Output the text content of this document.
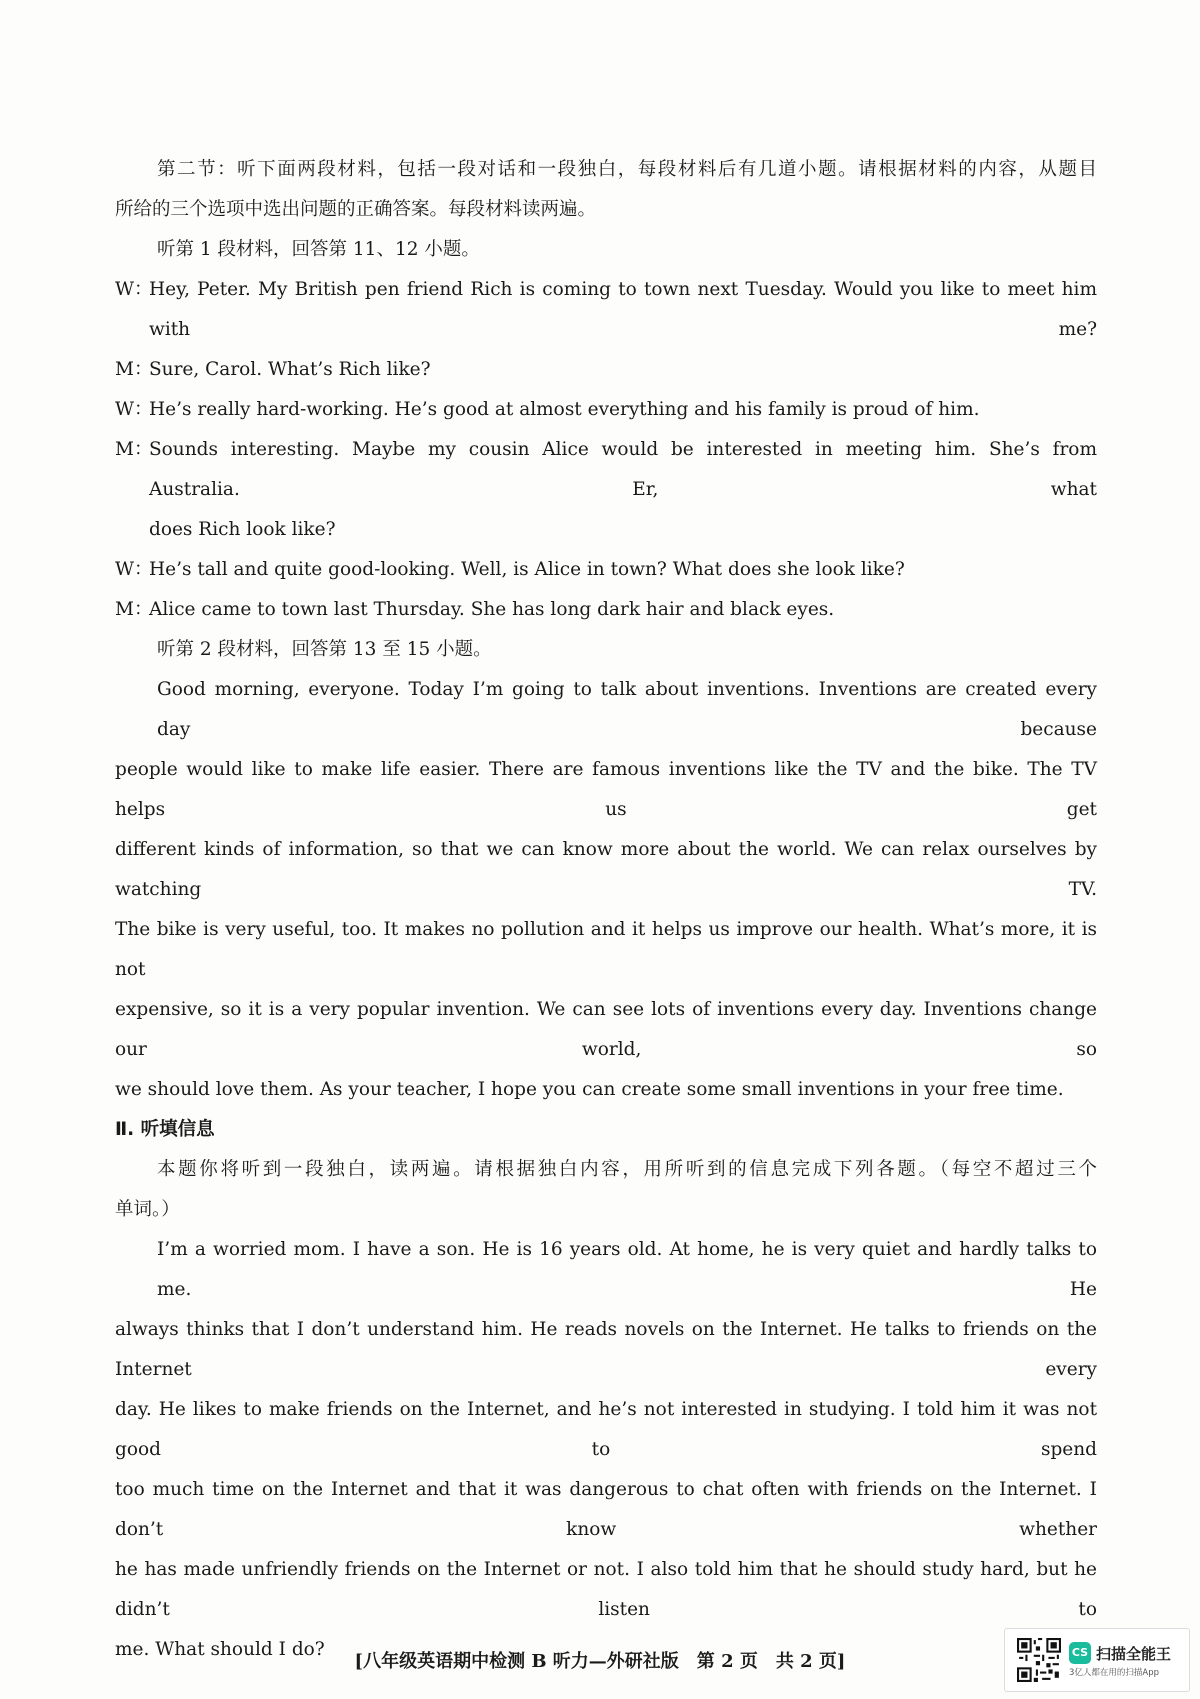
第二节：听下面两段材料，包括一段对话和一段独白，每段材料后有几道小题。请根据材料的内容，从题目
所给的三个选项中选出问题的正确答案。每段材料读两遍。
听第 1 段材料，回答第 11、12 小题。
W：
Hey, Peter. My British pen friend Rich is coming to town next Tuesday. Would you like to meet him with me?
M：
Sure, Carol. What’s Rich like?
W：
He’s really hard-working. He’s good at almost everything and his family is proud of him.
M：
Sounds interesting. Maybe my cousin Alice would be interested in meeting him. She’s from Australia. Er, what
does Rich look like?
W：
He’s tall and quite good-looking. Well, is Alice in town? What does she look like?
M：
Alice came to town last Thursday. She has long dark hair and black eyes.
听第 2 段材料，回答第 13 至 15 小题。
Good morning, everyone. Today I’m going to talk about inventions. Inventions are created every day because
people would like to make life easier. There are famous inventions like the TV and the bike. The TV helps us get
different kinds of information, so that we can know more about the world. We can relax ourselves by watching TV.
The bike is very useful, too. It makes no pollution and it helps us improve our health. What’s more, it is not
expensive, so it is a very popular invention. We can see lots of inventions every day. Inventions change our world, so
we should love them. As your teacher, I hope you can create some small inventions in your free time.
Ⅱ. 听填信息
本题你将听到一段独白，读两遍。请根据独白内容，用所听到的信息完成下列各题。（每空不超过三个
单词。）
I’m a worried mom. I have a son. He is 16 years old. At home, he is very quiet and hardly talks to me. He
always thinks that I don’t understand him. He reads novels on the Internet. He talks to friends on the Internet every
day. He likes to make friends on the Internet, and he’s not interested in studying. I told him it was not good to spend
too much time on the Internet and that it was dangerous to chat often with friends on the Internet. I don’t know whether
he has made unfriendly friends on the Internet or not. I also told him that he should study hard, but he didn’t listen to
me. What should I do?
[八年级英语期中检测 B 听力—外研社版　第 2 页　共 2 页]	CS 扫描全能王
3亿人都在用的扫描App
